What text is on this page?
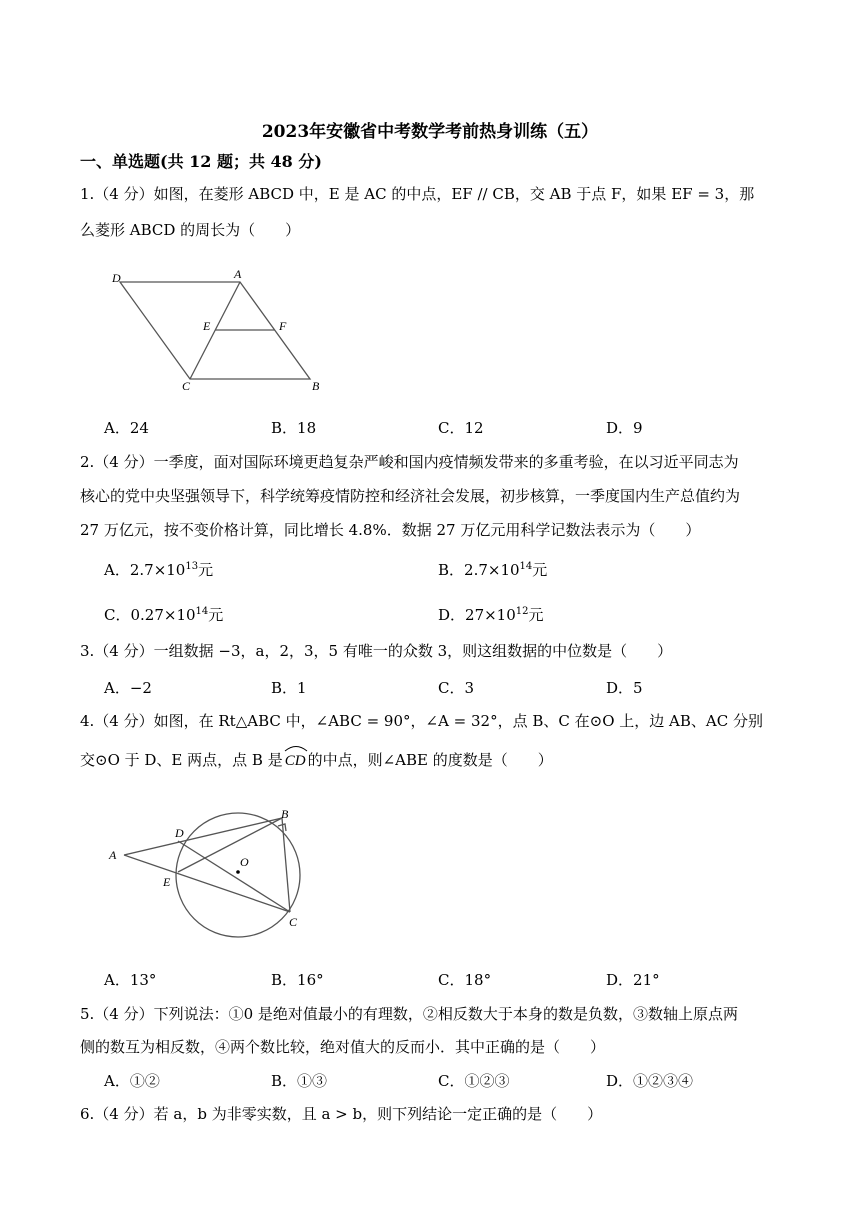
2023年安徽省中考数学考前热身训练（五）
一、单选题(共 12 题；共 48 分)
1.（4 分）如图，在菱形 ABCD 中，E 是 AC 的中点，EF // CB，交 AB 于点 F，如果 EF = 3，那
么菱形 ABCD 的周长为（　　）
D	A
E	F
C	B
A．24	B．18	C．12	D．9
2.（4 分）一季度，面对国际环境更趋复杂严峻和国内疫情频发带来的多重考验，在以习近平同志为
核心的党中央坚强领导下，科学统筹疫情防控和经济社会发展，初步核算，一季度国内生产总值约为
27 万亿元，按不变价格计算，同比增长 4.8%．数据 27 万亿元用科学记数法表示为（　　）
A．$2.7\times 10^{13}$元	B．$2.7\times 10^{14}$元
C．$0.27\times 10^{14}$元	D．$27\times 10^{12}$元
3.（4 分）一组数据 −3，a，2，3，5 有唯一的众数 3，则这组数据的中位数是（　　）
A．−2	B．1	C．3	D．5
4.（4 分）如图，在 Rt△ABC 中，∠ABC = 90°，∠A = 32°，点 B、C 在⊙O 上，边 AB、AC 分别
交⊙O 于 D、E 两点，点 B 是 CD 的中点，则∠ABE 的度数是（　　）
A
D
B
O
E
C
A．13°	B．16°	C．18°	D．21°
5.（4 分）下列说法：①0 是绝对值最小的有理数，②相反数大于本身的数是负数，③数轴上原点两
侧的数互为相反数，④两个数比较，绝对值大的反而小．其中正确的是（　　）
A．①②	B．①③	C．①②③	D．①②③④
6.（4 分）若 a，b 为非零实数，且 a > b，则下列结论一定正确的是（　　）
